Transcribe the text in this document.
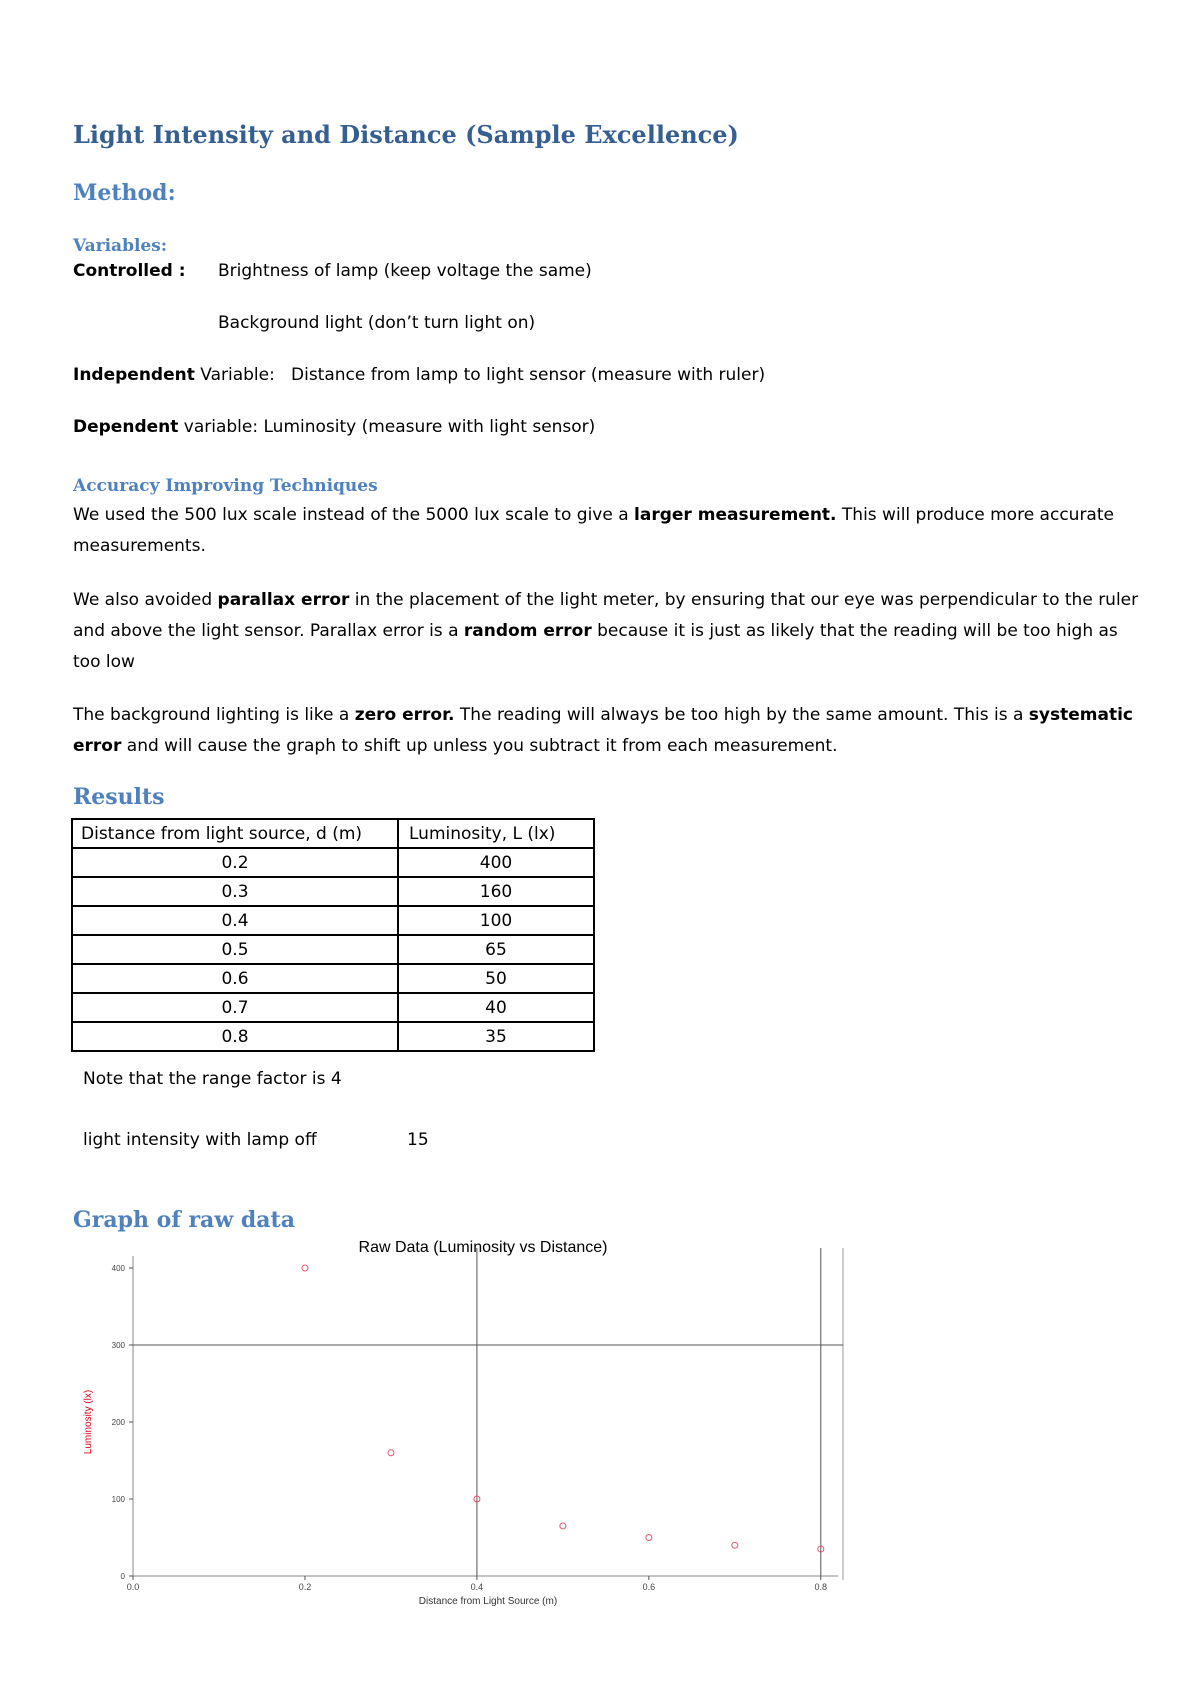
Light Intensity and Distance (Sample Excellence)
Method:
Variables:
Controlled : Brightness of lamp (keep voltage the same)
Background light (don’t turn light on)
Independent Variable: Distance from lamp to light sensor (measure with ruler)
Dependent variable: Luminosity (measure with light sensor)
Accuracy Improving Techniques
We used the 500 lux scale instead of the 5000 lux scale to give a larger measurement. This will produce more accurate measurements.
We also avoided parallax error in the placement of the light meter, by ensuring that our eye was perpendicular to the ruler and above the light sensor. Parallax error is a random error because it is just as likely that the reading will be too high as too low
The background lighting is like a zero error. The reading will always be too high by the same amount. This is a systematic error and will cause the graph to shift up unless you subtract it from each measurement.
Results
Distance from light source, d (m)	Luminosity, L (lx)
0.2	400
0.3	160
0.4	100
0.5	65
0.6	50
0.7	40
0.8	35
Note that the range factor is 4
light intensity with lamp off	15
Graph of raw data
Raw Data (Luminosity vs Distance)
Distance from Light Source (m)
Luminosity (lx)
0
100
200
300
400
0.0	0.2	0.4	0.6	0.8
